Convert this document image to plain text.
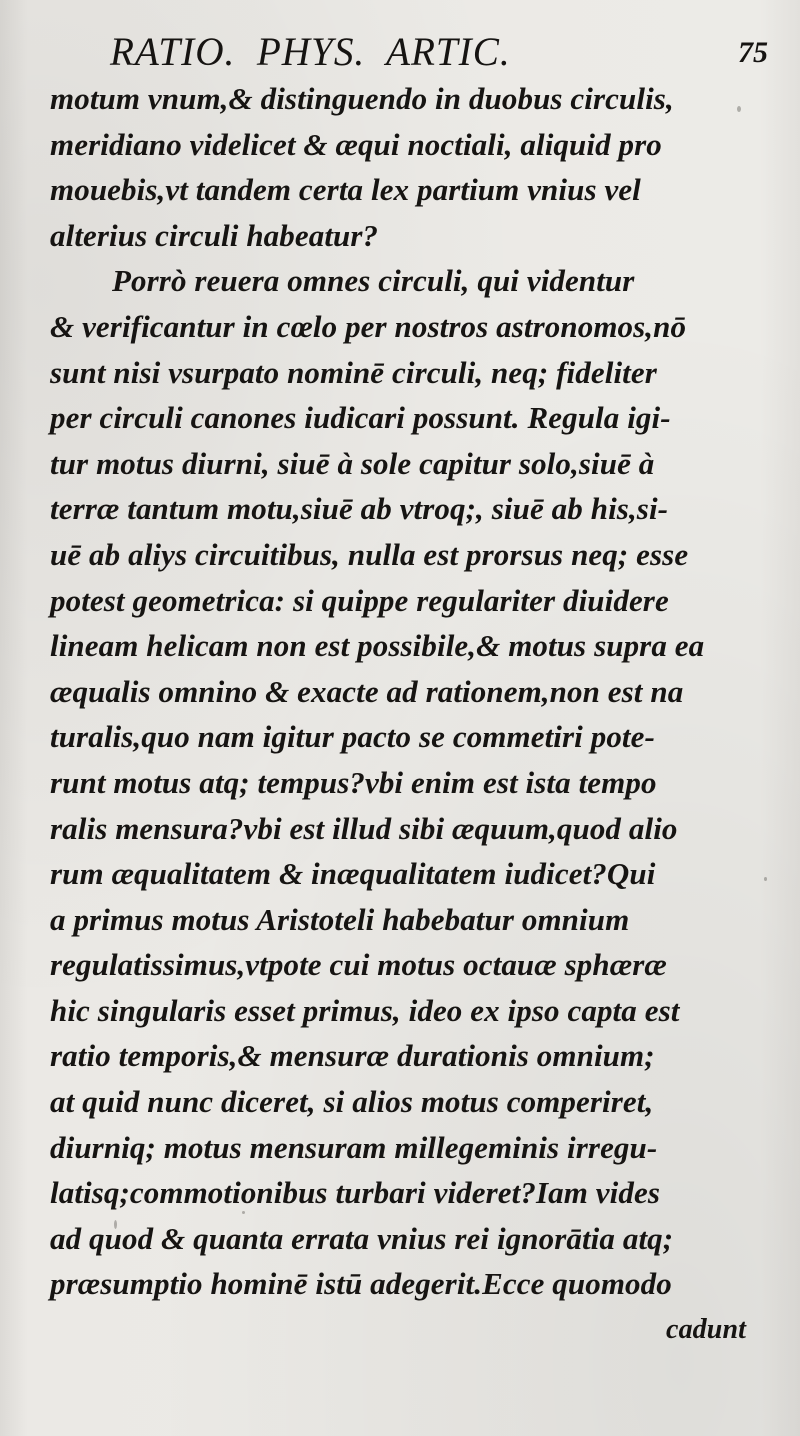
RATIO.  PHYS.  ARTIC.	75
motum vnum,& distinguendo in duobus circulis,
meridiano videlicet & æqui noctiali, aliquid pro
mouebis,vt tandem certa lex partium vnius vel
alterius circuli habeatur?
Porrò reuera omnes circuli, qui videntur
& verificantur in cœlo per nostros astronomos,nō
sunt nisi vsurpato nominē circuli, neq; fideliter
per circuli canones iudicari possunt. Regula igi-
tur motus diurni, siuē à sole capitur solo,siuē à
terræ tantum motu,siuē ab vtroq;, siuē ab his,si-
uē ab aliys circuitibus, nulla est prorsus neq; esse
potest geometrica: si quippe regulariter diuidere
lineam helicam non est possibile,& motus supra ea
æqualis omnino & exacte ad rationem,non est na
turalis,quo nam igitur pacto se commetiri pote-
runt motus atq; tempus?vbi enim est ista tempo
ralis mensura?vbi est illud sibi æquum,quod alio
rum æqualitatem & inæqualitatem iudicet?Qui
a primus motus Aristoteli habebatur omnium
regulatissimus,vtpote cui motus octauæ sphæræ
hic singularis esset primus, ideo ex ipso capta est
ratio temporis,& mensuræ durationis omnium;
at quid nunc diceret, si alios motus comperiret,
diurniq; motus mensuram millegeminis irregu-
latisq;commotionibus turbari videret?Iam vides
ad quod & quanta errata vnius rei ignorātia atq;
præsumptio hominē istū adegerit.Ecce quomodo
cadunt
